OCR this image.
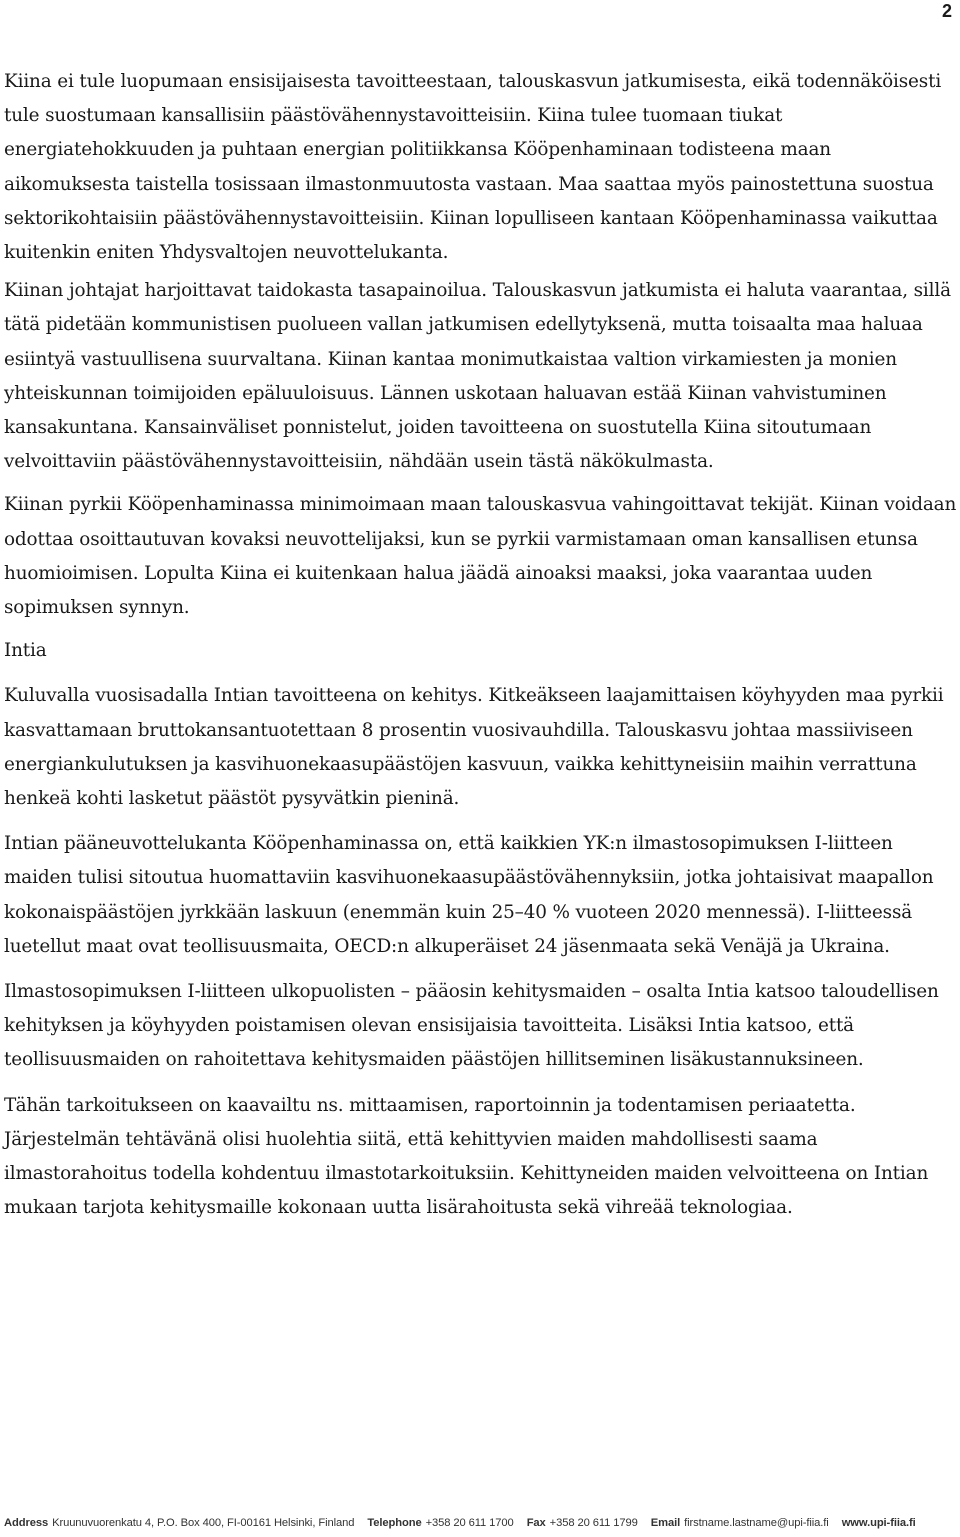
2

Kiina ei tule luopumaan ensisijaisesta tavoitteestaan, talouskasvun jatkumisesta, eikä todennäköisesti tule suostumaan kansallisiin päästövähennystavoitteisiin. Kiina tulee tuomaan tiukat energiatehokkuuden ja puhtaan energian politiikkansa Kööpenhaminaan todisteena maan aikomuksesta taistella tosissaan ilmastonmuutosta vastaan. Maa saattaa myös painostettuna suostua sektorikohtaisiin päästövähennystavoitteisiin. Kiinan lopulliseen kantaan Kööpenhaminassa vaikuttaa kuitenkin eniten Yhdysvaltojen neuvottelukanta.

Kiinan johtajat harjoittavat taidokasta tasapainoilua. Talouskasvun jatkumista ei haluta vaarantaa, sillä tätä pidetään kommunistisen puolueen vallan jatkumisen edellytyksenä, mutta toisaalta maa haluaa esiintyä vastuullisena suurvaltana. Kiinan kantaa monimutkaistaa valtion virkamiesten ja monien yhteiskunnan toimijoiden epäluuloisuus. Lännen uskotaan haluavan estää Kiinan vahvistuminen kansakuntana. Kansainväliset ponnistelut, joiden tavoitteena on suostutella Kiina sitoutumaan velvoittaviin päästövähennystavoitteisiin, nähdään usein tästä näkökulmasta.

Kiinan pyrkii Kööpenhaminassa minimoimaan maan talouskasvua vahingoittavat tekijät. Kiinan voidaan odottaa osoittautuvan kovaksi neuvottelijaksi, kun se pyrkii varmistamaan oman kansallisen etunsa huomioimisen. Lopulta Kiina ei kuitenkaan halua jäädä ainoaksi maaksi, joka vaarantaa uuden sopimuksen synnyn.

Intia

Kuluvalla vuosisadalla Intian tavoitteena on kehitys. Kitkeäkseen laajamittaisen köyhyyden maa pyrkii kasvattamaan bruttokansantuotettaan 8 prosentin vuosivauhdilla. Talouskasvu johtaa massiiviseen energiankulutuksen ja kasvihuonekaasupäästöjen kasvuun, vaikka kehittyneisiin maihin verrattuna henkeä kohti lasketut päästöt pysyvätkin pieninä.

Intian pääneuvottelukanta Kööpenhaminassa on, että kaikkien YK:n ilmastosopimuksen I-liitteen maiden tulisi sitoutua huomattaviin kasvihuonekaasupäästövähennyksiin, jotka johtaisivat maapallon kokonaispäästöjen jyrkkään laskuun (enemmän kuin 25–40 % vuoteen 2020 mennessä). I-liitteessä luetellut maat ovat teollisuusmaita, OECD:n alkuperäiset 24 jäsenmaata sekä Venäjä ja Ukraina.

Ilmastosopimuksen I-liitteen ulkopuolisten – pääosin kehitysmaiden – osalta Intia katsoo taloudellisen kehityksen ja köyhyyden poistamisen olevan ensisijaisia tavoitteita. Lisäksi Intia katsoo, että teollisuusmaiden on rahoitettava kehitysmaiden päästöjen hillitseminen lisäkustannuksineen.

Tähän tarkoitukseen on kaavailtu ns. mittaamisen, raportoinnin ja todentamisen periaatetta. Järjestelmän tehtävänä olisi huolehtia siitä, että kehittyvien maiden mahdollisesti saama ilmastorahoitus todella kohdentuu ilmastotarkoituksiin. Kehittyneiden maiden velvoitteena on Intian mukaan tarjota kehitysmaille kokonaan uutta lisärahoitusta sekä vihreää teknologiaa.

Address Kruunuvuorenkatu 4, P.O. Box 400, FI-00161 Helsinki, Finland Telephone +358 20 611 1700 Fax +358 20 611 1799 Email firstname.lastname@upi-fiia.fi www.upi-fiia.fi
